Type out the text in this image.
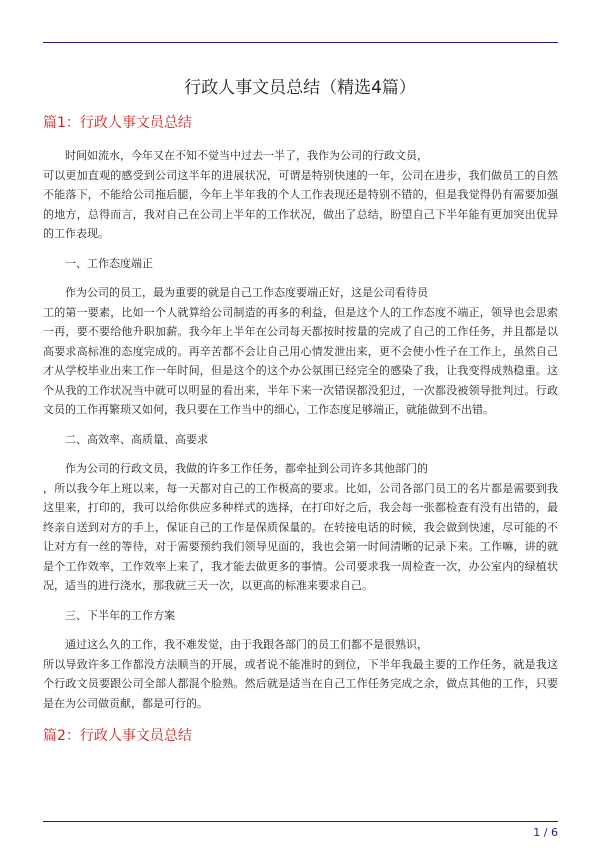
行政人事文员总结（精选4篇）
篇1：行政人事文员总结

时间如流水，今年又在不知不觉当中过去一半了，我作为公司的行政文员，
可以更加直观的感受到公司这半年的进展状况，可谓是特别快速的一年，公司在进步，我们做员工的自然不能落下，不能给公司拖后腿，今年上半年我的个人工作表现还是特别不错的，但是我觉得仍有需要加强的地方，总得而言，我对自己在公司上半年的工作状况，做出了总结，盼望自己下半年能有更加突出优异的工作表现。

一、工作态度端正

作为公司的员工，最为重要的就是自己工作态度要端正好，这是公司看待员
工的第一要素，比如一个人就算给公司制造的再多的利益，但是这个人的工作态度不端正，领导也会思索一再，要不要给他升职加薪。我今年上半年在公司每天都按时按量的完成了自己的工作任务，并且都是以高要求高标准的态度完成的。再辛苦都不会让自己用心情发泄出来，更不会使小性子在工作上，虽然自己才从学校毕业出来工作一年时间，但是这个的这个办公氛围已经完全的感染了我，让我变得成熟稳重。这个从我的工作状况当中就可以明显的看出来，半年下来一次错误都没犯过，一次都没被领导批判过。行政文员的工作再繁琐又如何，我只要在工作当中的细心，工作态度足够端正，就能做到不出错。

二、高效率、高质量、高要求

作为公司的行政文员，我做的许多工作任务，都牵扯到公司许多其他部门的
，所以我今年上班以来，每一天都对自己的工作极高的要求。比如，公司各部门员工的名片都是需要到我这里来，打印的，我可以给你供应多种样式的选择，在打印好之后，我会每一张都检查有没有出错的，最终亲自送到对方的手上，保证自己的工作是保质保量的。在转接电话的时候，我会做到快速，尽可能的不让对方有一丝的等待，对于需要预约我们领导见面的，我也会第一时间清晰的记录下来。工作嘛，讲的就是个工作效率，工作效率上来了，我才能去做更多的事情。公司要求我一周检查一次，办公室内的绿植状况，适当的进行浇水，那我就三天一次，以更高的标准来要求自己。

三、下半年的工作方案

通过这么久的工作，我不难发觉，由于我跟各部门的员工们都不是很熟识，
所以导致许多工作都没方法顺当的开展，或者说不能准时的到位，下半年我最主要的工作任务，就是我这个行政文员要跟公司全部人都混个脸熟。然后就是适当在自己工作任务完成之余，做点其他的工作，只要是在为公司做贡献，都是可行的。

篇2：行政人事文员总结
1 / 6
